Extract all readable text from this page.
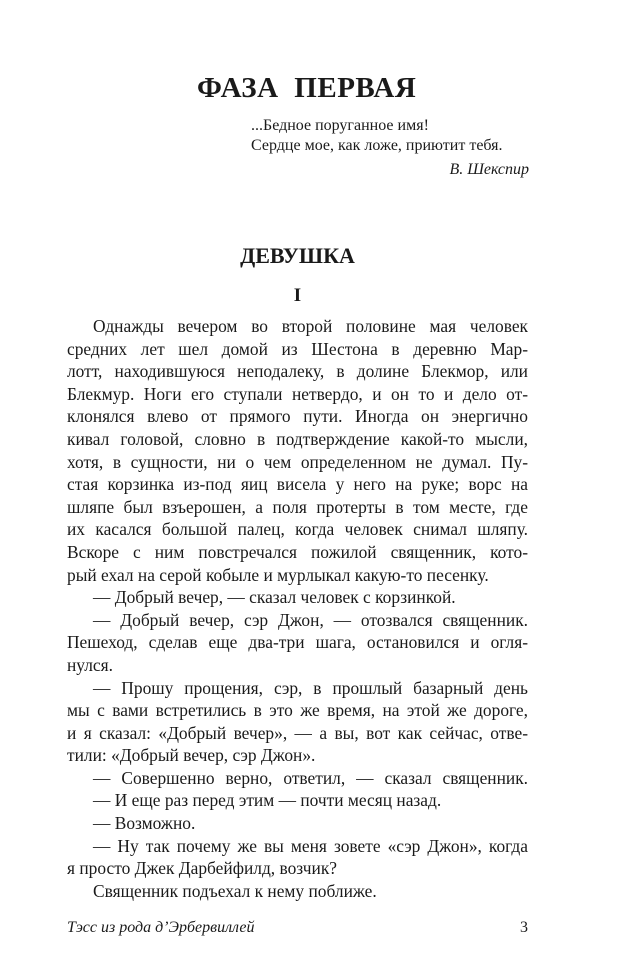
ФАЗА ПЕРВАЯ
...Бедное поруганное имя!
Сердце мое, как ложе, приютит тебя.
В. Шекспир
ДЕВУШКА
I
Однажды вечером во второй половине мая человек
средних лет шел домой из Шестона в деревню Мар-
лотт, находившуюся неподалеку, в долине Блекмор, или
Блекмур. Ноги его ступали нетвердо, и он то и дело от-
клонялся влево от прямого пути. Иногда он энергично
кивал головой, словно в подтверждение какой-то мысли,
хотя, в сущности, ни о чем определенном не думал. Пу-
стая корзинка из-под яиц висела у него на руке; ворс на
шляпе был взъерошен, а поля протерты в том месте, где
их касался большой палец, когда человек снимал шляпу.
Вскоре с ним повстречался пожилой священник, кото-
рый ехал на серой кобыле и мурлыкал какую-то песенку.
— Добрый вечер, — сказал человек с корзинкой.
— Добрый вечер, сэр Джон, — отозвался священник.
Пешеход, сделав еще два-три шага, остановился и огля-
нулся.
— Прошу прощения, сэр, в прошлый базарный день
мы с вами встретились в это же время, на этой же дороге,
и я сказал: «Добрый вечер», — а вы, вот как сейчас, отве-
тили: «Добрый вечер, сэр Джон».
— Совершенно верно, ответил, — сказал священник.
— И еще раз перед этим — почти месяц назад.
— Возможно.
— Ну так почему же вы меня зовете «сэр Джон», когда
я просто Джек Дарбейфилд, возчик?
Священник подъехал к нему поближе.
Тэсс из рода д’Эрбервиллей	3
